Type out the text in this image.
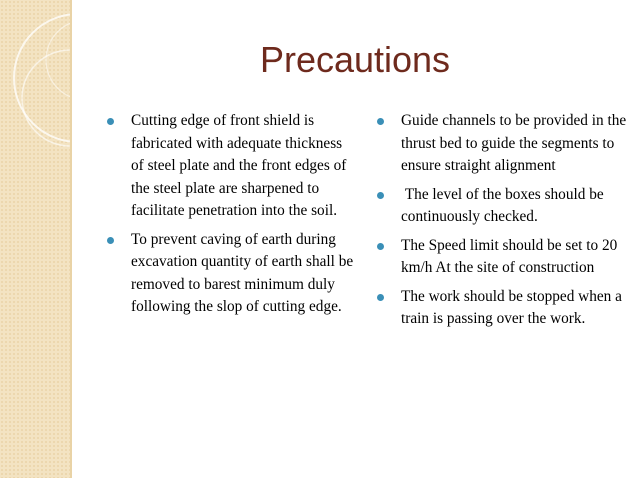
Precautions
Cutting edge of front shield is fabricated with adequate thickness of steel plate and the front edges of the steel plate are sharpened to facilitate penetration into the soil.
To prevent caving of earth during excavation quantity of earth shall be removed to barest minimum duly following the slop of cutting edge.
Guide channels to be provided in the thrust bed to guide the segments to ensure straight alignment
The level of the boxes should be continuously checked.
The Speed limit should be set to 20 km/h At the site of construction
The work should be stopped when a train is passing over the work.
